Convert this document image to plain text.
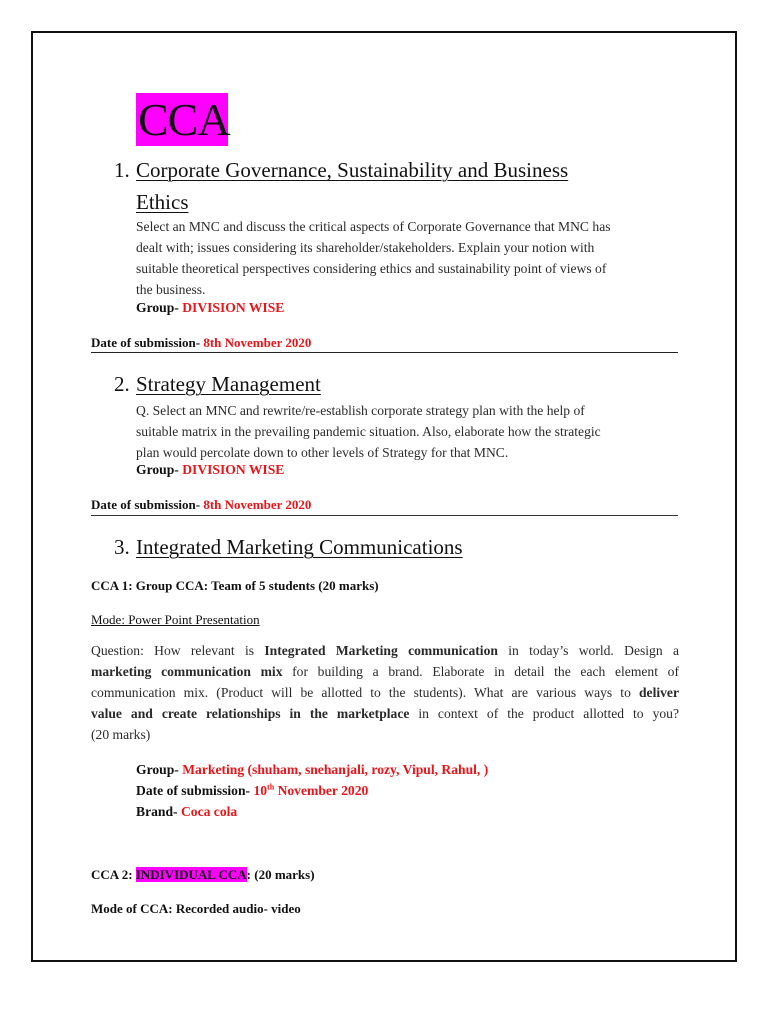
CCA
1. Corporate Governance, Sustainability and Business
Ethics
Select an MNC and discuss the critical aspects of Corporate Governance that MNC has
dealt with; issues considering its shareholder/stakeholders. Explain your notion with
suitable theoretical perspectives considering ethics and sustainability point of views of
the business.
Group- DIVISION WISE
Date of submission- 8th November 2020
2. Strategy Management
Q. Select an MNC and rewrite/re-establish corporate strategy plan with the help of
suitable matrix in the prevailing pandemic situation. Also, elaborate how the strategic
plan would percolate down to other levels of Strategy for that MNC.
Group- DIVISION WISE
Date of submission- 8th November 2020
3. Integrated Marketing Communications
CCA 1: Group CCA: Team of 5 students (20 marks)
Mode: Power Point Presentation
Question: How relevant is Integrated Marketing communication in today’s world. Design a
marketing communication mix for building a brand. Elaborate in detail the each element of
communication mix. (Product will be allotted to the students). What are various ways to deliver
value and create relationships in the marketplace in context of the product allotted to you?
(20 marks)
Group- Marketing (shuham, snehanjali, rozy, Vipul, Rahul, )
Date of submission- 10th November 2020
Brand- Coca cola
CCA 2: INDIVIDUAL CCA: (20 marks)
Mode of CCA: Recorded audio- video
